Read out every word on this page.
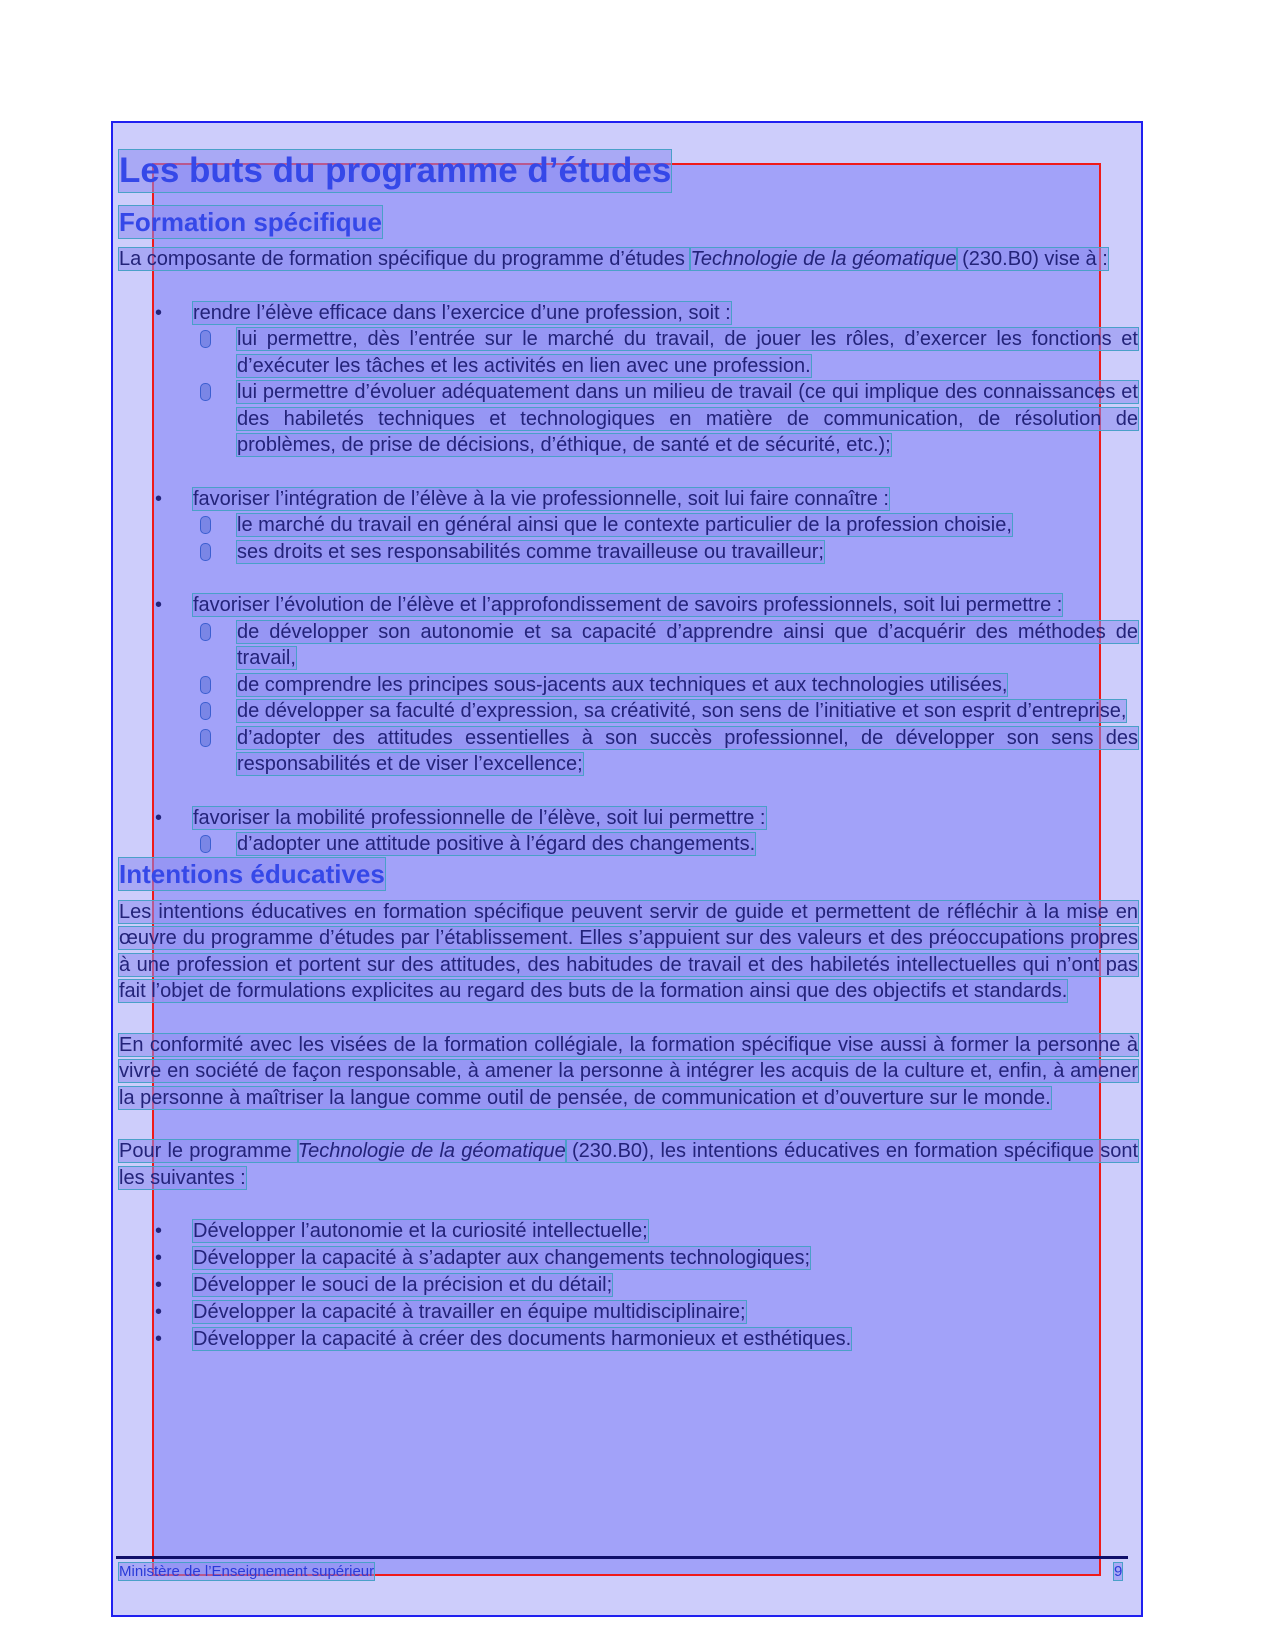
Les buts du programme d’études
Formation spécifique

La composante de formation spécifique du programme d’études Technologie de la géomatique (230.B0) vise à :

• rendre l’élève efficace dans l’exercice d’une profession, soit :
lui permettre, dès l’entrée sur le marché du travail, de jouer les rôles, d’exercer les fonctions et d’exécuter les tâches et les activités en lien avec une profession.
lui permettre d’évoluer adéquatement dans un milieu de travail (ce qui implique des connaissances et des habiletés techniques et technologiques en matière de communication, de résolution de problèmes, de prise de décisions, d’éthique, de santé et de sécurité, etc.);
• favoriser l’intégration de l’élève à la vie professionnelle, soit lui faire connaître :
le marché du travail en général ainsi que le contexte particulier de la profession choisie,
ses droits et ses responsabilités comme travailleuse ou travailleur;
• favoriser l’évolution de l’élève et l’approfondissement de savoirs professionnels, soit lui permettre :
de développer son autonomie et sa capacité d’apprendre ainsi que d’acquérir des méthodes de travail,
de comprendre les principes sous-jacents aux techniques et aux technologies utilisées,
de développer sa faculté d’expression, sa créativité, son sens de l’initiative et son esprit d’entreprise,
d’adopter des attitudes essentielles à son succès professionnel, de développer son sens des responsabilités et de viser l’excellence;
• favoriser la mobilité professionnelle de l’élève, soit lui permettre :
d’adopter une attitude positive à l’égard des changements.
Intentions éducatives

Les intentions éducatives en formation spécifique peuvent servir de guide et permettent de réfléchir à la mise en œuvre du programme d’études par l’établissement. Elles s’appuient sur des valeurs et des préoccupations propres à une profession et portent sur des attitudes, des habitudes de travail et des habiletés intellectuelles qui n’ont pas fait l’objet de formulations explicites au regard des buts de la formation ainsi que des objectifs et standards.

En conformité avec les visées de la formation collégiale, la formation spécifique vise aussi à former la personne à vivre en société de façon responsable, à amener la personne à intégrer les acquis de la culture et, enfin, à amener la personne à maîtriser la langue comme outil de pensée, de communication et d’ouverture sur le monde.

Pour le programme Technologie de la géomatique (230.B0), les intentions éducatives en formation spécifique sont les suivantes :

• Développer l’autonomie et la curiosité intellectuelle;
• Développer la capacité à s’adapter aux changements technologiques;
• Développer le souci de la précision et du détail;
• Développer la capacité à travailler en équipe multidisciplinaire;
• Développer la capacité à créer des documents harmonieux et esthétiques.
Ministère de l’Enseignement supérieur	9
